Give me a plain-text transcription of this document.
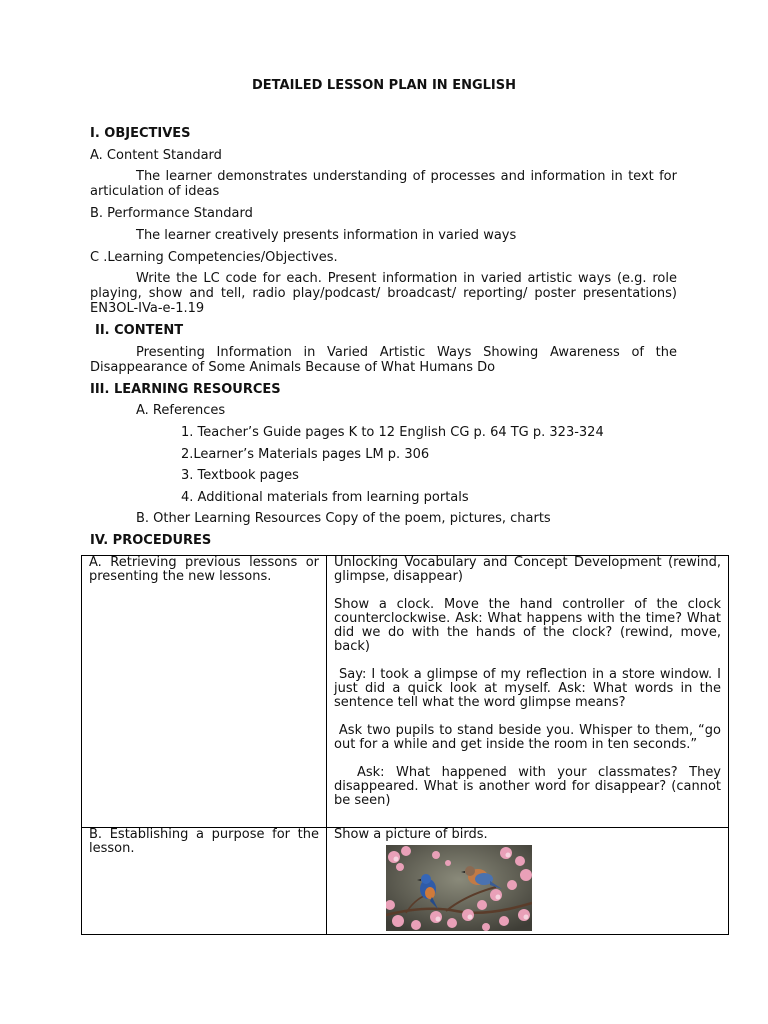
DETAILED LESSON PLAN IN ENGLISH
I. OBJECTIVES
A. Content Standard
The learner demonstrates understanding of processes and information in text for articulation of ideas
B. Performance Standard
The learner creatively presents information in varied ways
C .Learning Competencies/Objectives.
Write the LC code for each. Present information in varied artistic ways (e.g. role playing, show and tell, radio play/podcast/ broadcast/ reporting/ poster presentations) EN3OL-IVa-e-1.19
II. CONTENT
Presenting Information in Varied Artistic Ways Showing Awareness of the Disappearance of Some Animals Because of What Humans Do
III. LEARNING RESOURCES
A. References
1. Teacher’s Guide pages K to 12 English CG p. 64 TG p. 323-324
2.Learner’s Materials pages LM p. 306
3. Textbook pages
4. Additional materials from learning portals
B. Other Learning Resources Copy of the poem, pictures, charts
IV. PROCEDURES

A. Retrieving previous lessons or presenting the new lessons.	Unlocking Vocabulary and Concept Development (rewind, glimpse, disappear)

Show a clock. Move the hand controller of the clock counterclockwise. Ask: What happens with the time? What did we do with the hands of the clock? (rewind, move, back)

Say: I took a glimpse of my reflection in a store window. I just did a quick look at myself. Ask: What words in the sentence tell what the word glimpse means?

Ask two pupils to stand beside you. Whisper to them, “go out for a while and get inside the room in ten seconds.”

Ask: What happened with your classmates? They disappeared. What is another word for disappear? (cannot be seen)

B. Establishing a purpose for the lesson.	Show a picture of birds.
